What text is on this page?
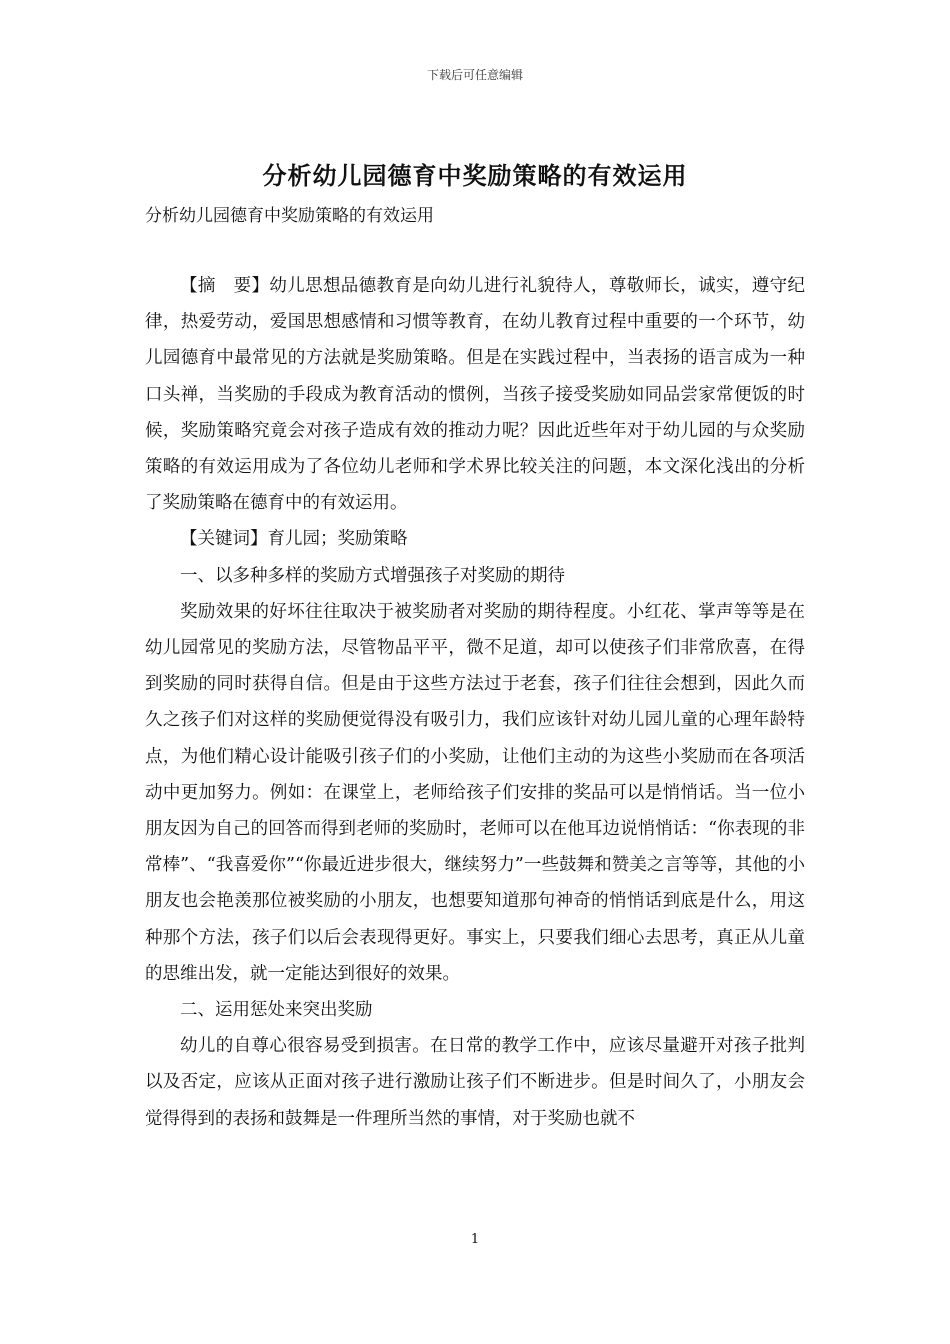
下载后可任意编辑
分析幼儿园德育中奖励策略的有效运用
分析幼儿园德育中奖励策略的有效运用

【摘　要】幼儿思想品德教育是向幼儿进行礼貌待人，尊敬师长，诚实，遵守纪律，热爱劳动，爱国思想感情和习惯等教育，在幼儿教育过程中重要的一个环节，幼儿园德育中最常见的方法就是奖励策略。但是在实践过程中，当表扬的语言成为一种口头禅，当奖励的手段成为教育活动的惯例，当孩子接受奖励如同品尝家常便饭的时候，奖励策略究竟会对孩子造成有效的推动力呢？因此近些年对于幼儿园的与众奖励策略的有效运用成为了各位幼儿老师和学术界比较关注的问题，本文深化浅出的分析了奖励策略在德育中的有效运用。

【关键词】育儿园；奖励策略

一、以多种多样的奖励方式增强孩子对奖励的期待

奖励效果的好坏往往取决于被奖励者对奖励的期待程度。小红花、掌声等等是在幼儿园常见的奖励方法，尽管物品平平，微不足道，却可以使孩子们非常欣喜，在得到奖励的同时获得自信。但是由于这些方法过于老套，孩子们往往会想到，因此久而久之孩子们对这样的奖励便觉得没有吸引力，我们应该针对幼儿园儿童的心理年龄特点，为他们精心设计能吸引孩子们的小奖励，让他们主动的为这些小奖励而在各项活动中更加努力。例如：在课堂上，老师给孩子们安排的奖品可以是悄悄话。当一位小朋友因为自己的回答而得到老师的奖励时，老师可以在他耳边说悄悄话：“你表现的非常棒”、“我喜爱你”“你最近进步很大，继续努力”一些鼓舞和赞美之言等等，其他的小朋友也会艳羡那位被奖励的小朋友，也想要知道那句神奇的悄悄话到底是什么，用这种那个方法，孩子们以后会表现得更好。事实上，只要我们细心去思考，真正从儿童的思维出发，就一定能达到很好的效果。

二、运用惩处来突出奖励

幼儿的自尊心很容易受到损害。在日常的教学工作中，应该尽量避开对孩子批判以及否定，应该从正面对孩子进行激励让孩子们不断进步。但是时间久了，小朋友会觉得得到的表扬和鼓舞是一件理所当然的事情，对于奖励也就不

1
